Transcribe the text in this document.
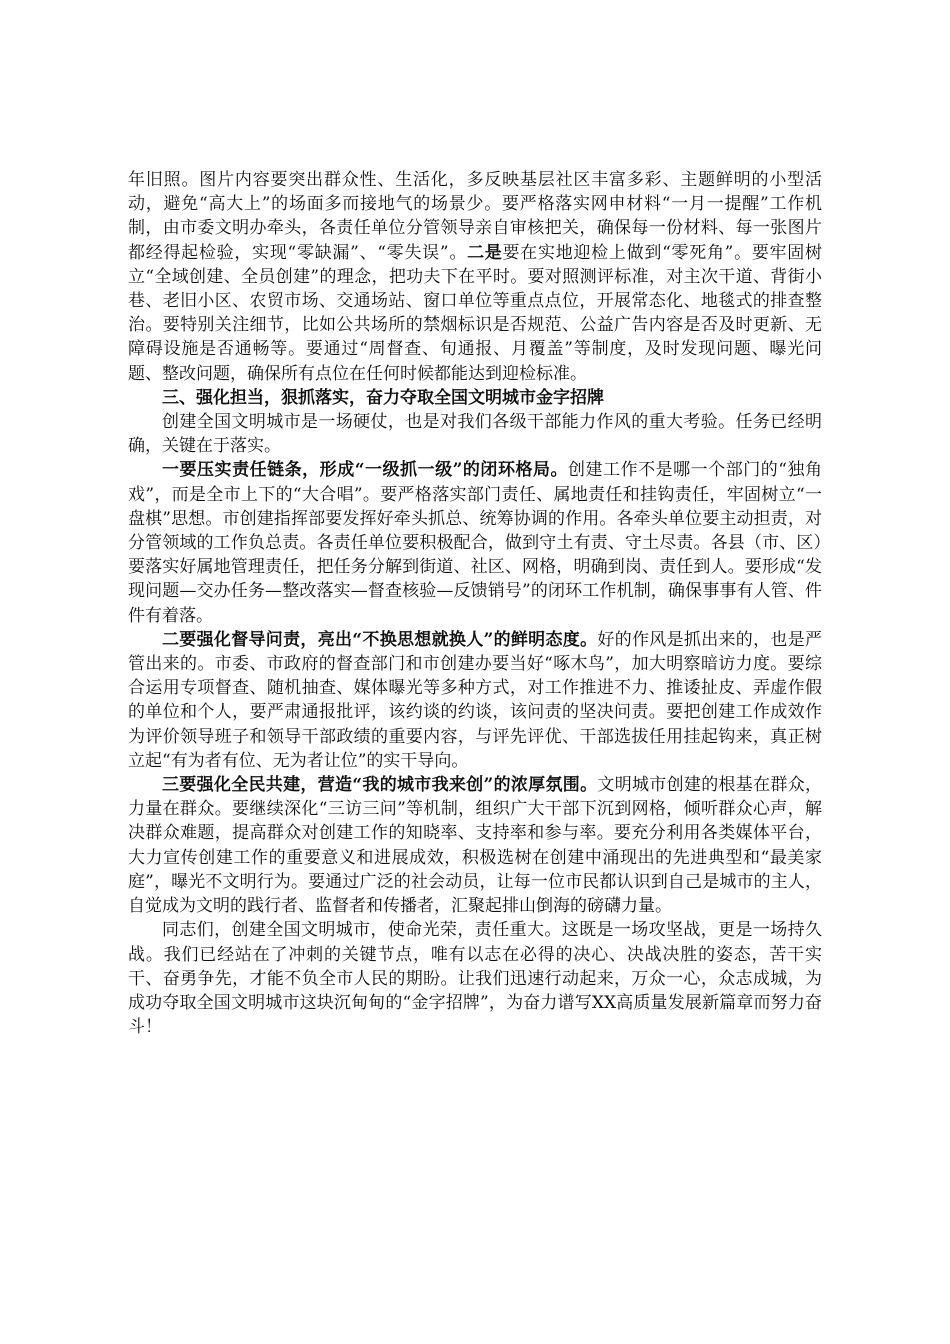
年旧照。图片内容要突出群众性、生活化，多反映基层社区丰富多彩、主题鲜明的小型活动，避免“高大上”的场面多而接地气的场景少。要严格落实网申材料“一月一提醒”工作机制，由市委文明办牵头，各责任单位分管领导亲自审核把关，确保每一份材料、每一张图片都经得起检验，实现“零缺漏”、“零失误”。二是要在实地迎检上做到“零死角”。要牢固树立“全域创建、全员创建”的理念，把功夫下在平时。要对照测评标准，对主次干道、背街小巷、老旧小区、农贸市场、交通场站、窗口单位等重点点位，开展常态化、地毯式的排查整治。要特别关注细节，比如公共场所的禁烟标识是否规范、公益广告内容是否及时更新、无障碍设施是否通畅等。要通过“周督查、旬通报、月覆盖”等制度，及时发现问题、曝光问题、整改问题，确保所有点位在任何时候都能达到迎检标准。

三、强化担当，狠抓落实，奋力夺取全国文明城市金字招牌

创建全国文明城市是一场硬仗，也是对我们各级干部能力作风的重大考验。任务已经明确，关键在于落实。

一要压实责任链条，形成“一级抓一级”的闭环格局。创建工作不是哪一个部门的“独角戏”，而是全市上下的“大合唱”。要严格落实部门责任、属地责任和挂钩责任，牢固树立“一盘棋”思想。市创建指挥部要发挥好牵头抓总、统筹协调的作用。各牵头单位要主动担责，对分管领域的工作负总责。各责任单位要积极配合，做到守土有责、守土尽责。各县（市、区）要落实好属地管理责任，把任务分解到街道、社区、网格，明确到岗、责任到人。要形成“发现问题—交办任务—整改落实—督查核验—反馈销号”的闭环工作机制，确保事事有人管、件件有着落。

二要强化督导问责，亮出“不换思想就换人”的鲜明态度。好的作风是抓出来的，也是严管出来的。市委、市政府的督查部门和市创建办要当好“啄木鸟”，加大明察暗访力度。要综合运用专项督查、随机抽查、媒体曝光等多种方式，对工作推进不力、推诿扯皮、弄虚作假的单位和个人，要严肃通报批评，该约谈的约谈，该问责的坚决问责。要把创建工作成效作为评价领导班子和领导干部政绩的重要内容，与评先评优、干部选拔任用挂起钩来，真正树立起“有为者有位、无为者让位”的实干导向。

三要强化全民共建，营造“我的城市我来创”的浓厚氛围。文明城市创建的根基在群众，力量在群众。要继续深化“三访三问”等机制，组织广大干部下沉到网格，倾听群众心声，解决群众难题，提高群众对创建工作的知晓率、支持率和参与率。要充分利用各类媒体平台，大力宣传创建工作的重要意义和进展成效，积极选树在创建中涌现出的先进典型和“最美家庭”，曝光不文明行为。要通过广泛的社会动员，让每一位市民都认识到自己是城市的主人，自觉成为文明的践行者、监督者和传播者，汇聚起排山倒海的磅礴力量。

同志们，创建全国文明城市，使命光荣，责任重大。这既是一场攻坚战，更是一场持久战。我们已经站在了冲刺的关键节点，唯有以志在必得的决心、决战决胜的姿态，苦干实干、奋勇争先，才能不负全市人民的期盼。让我们迅速行动起来，万众一心，众志成城，为成功夺取全国文明城市这块沉甸甸的“金字招牌”，为奋力谱写XX高质量发展新篇章而努力奋斗！
